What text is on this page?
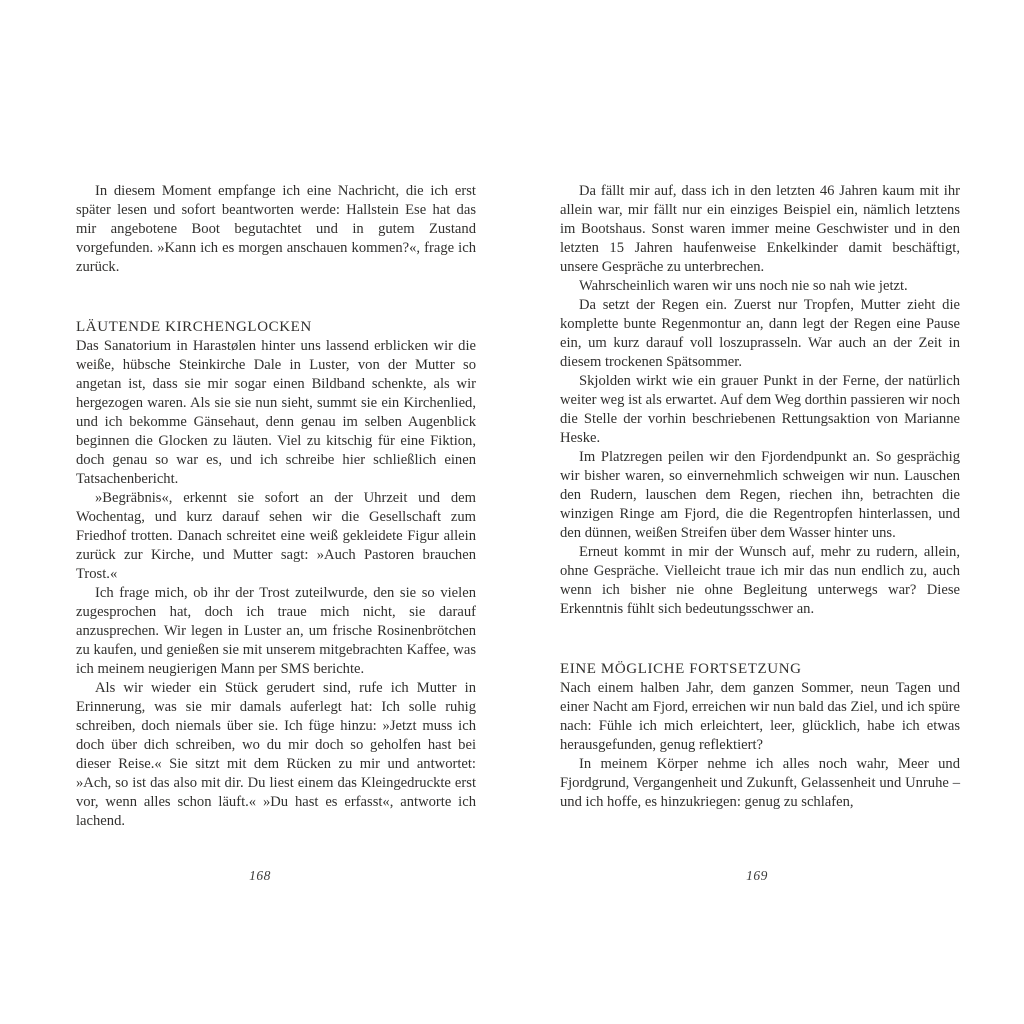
In diesem Moment empfange ich eine Nachricht, die ich erst später lesen und sofort beantworten werde: Hallstein Ese hat das mir angebotene Boot begutachtet und in gutem Zustand vorgefunden. »Kann ich es morgen anschauen kommen?«, frage ich zurück.

LÄUTENDE KIRCHENGLOCKEN

Das Sanatorium in Harastølen hinter uns lassend erblicken wir die weiße, hübsche Steinkirche Dale in Luster, von der Mutter so angetan ist, dass sie mir sogar einen Bildband schenkte, als wir hergezogen waren. Als sie sie nun sieht, summt sie ein Kirchenlied, und ich bekomme Gänsehaut, denn genau im selben Augenblick beginnen die Glocken zu läuten. Viel zu kitschig für eine Fiktion, doch genau so war es, und ich schreibe hier schließlich einen Tatsachenbericht.

»Begräbnis«, erkennt sie sofort an der Uhrzeit und dem Wochentag, und kurz darauf sehen wir die Gesellschaft zum Friedhof trotten. Danach schreitet eine weiß gekleidete Figur allein zurück zur Kirche, und Mutter sagt: »Auch Pastoren brauchen Trost.«

Ich frage mich, ob ihr der Trost zuteilwurde, den sie so vielen zugesprochen hat, doch ich traue mich nicht, sie darauf anzusprechen. Wir legen in Luster an, um frische Rosinenbrötchen zu kaufen, und genießen sie mit unserem mitgebrachten Kaffee, was ich meinem neugierigen Mann per SMS berichte.

Als wir wieder ein Stück gerudert sind, rufe ich Mutter in Erinnerung, was sie mir damals auferlegt hat: Ich solle ruhig schreiben, doch niemals über sie. Ich füge hinzu: »Jetzt muss ich doch über dich schreiben, wo du mir doch so geholfen hast bei dieser Reise.« Sie sitzt mit dem Rücken zu mir und antwortet: »Ach, so ist das also mit dir. Du liest einem das Kleingedruckte erst vor, wenn alles schon läuft.« »Du hast es erfasst«, antworte ich lachend.

168

Da fällt mir auf, dass ich in den letzten 46 Jahren kaum mit ihr allein war, mir fällt nur ein einziges Beispiel ein, nämlich letztens im Bootshaus. Sonst waren immer meine Geschwister und in den letzten 15 Jahren haufenweise Enkelkinder damit beschäftigt, unsere Gespräche zu unterbrechen.

Wahrscheinlich waren wir uns noch nie so nah wie jetzt.

Da setzt der Regen ein. Zuerst nur Tropfen, Mutter zieht die komplette bunte Regenmontur an, dann legt der Regen eine Pause ein, um kurz darauf voll loszuprasseln. War auch an der Zeit in diesem trockenen Spätsommer.

Skjolden wirkt wie ein grauer Punkt in der Ferne, der natürlich weiter weg ist als erwartet. Auf dem Weg dorthin passieren wir noch die Stelle der vorhin beschriebenen Rettungsaktion von Marianne Heske.

Im Platzregen peilen wir den Fjordendpunkt an. So gesprächig wir bisher waren, so einvernehmlich schweigen wir nun. Lauschen den Rudern, lauschen dem Regen, riechen ihn, betrachten die winzigen Ringe am Fjord, die die Regentropfen hinterlassen, und den dünnen, weißen Streifen über dem Wasser hinter uns.

Erneut kommt in mir der Wunsch auf, mehr zu rudern, allein, ohne Gespräche. Vielleicht traue ich mir das nun endlich zu, auch wenn ich bisher nie ohne Begleitung unterwegs war? Diese Erkenntnis fühlt sich bedeutungsschwer an.

EINE MÖGLICHE FORTSETZUNG

Nach einem halben Jahr, dem ganzen Sommer, neun Tagen und einer Nacht am Fjord, erreichen wir nun bald das Ziel, und ich spüre nach: Fühle ich mich erleichtert, leer, glücklich, habe ich etwas herausgefunden, genug reflektiert?

In meinem Körper nehme ich alles noch wahr, Meer und Fjordgrund, Vergangenheit und Zukunft, Gelassenheit und Unruhe – und ich hoffe, es hinzukriegen: genug zu schlafen,

169
